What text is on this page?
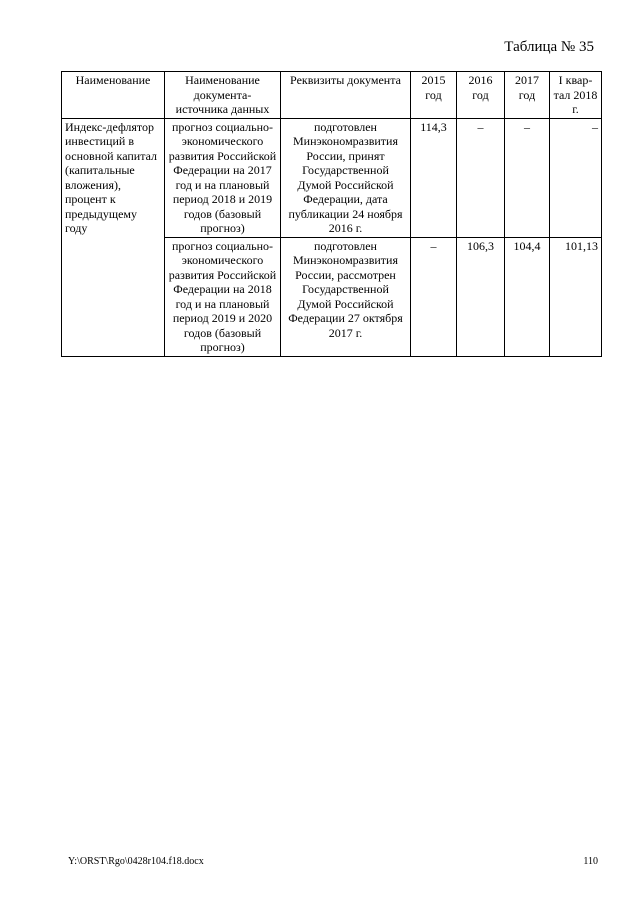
Таблица № 35
Наименование	Наименование документа-источника данных	Реквизиты документа	2015 год	2016 год	2017 год	I квар-тал 2018 г.
Индекс-дефлятор инвестиций в основной капитал (капитальные вложения), процент к предыдущему году	прогноз социально-экономического развития Российской Федерации на 2017 год и на плановый период 2018 и 2019 годов (базовый прогноз)	подготовлен Минэкономразвития России, принят Государственной Думой Российской Федерации, дата публикации 24 ноября 2016 г.	114,3	–	–	–
	прогноз социально-экономического развития Российской Федерации на 2018 год и на плановый период 2019 и 2020 годов (базовый прогноз)	подготовлен Минэкономразвития России, рассмотрен Государственной Думой Российской Федерации 27 октября 2017 г.	–	106,3	104,4	101,13
Y:\ORST\Rgo\0428r104.f18.docx	110
